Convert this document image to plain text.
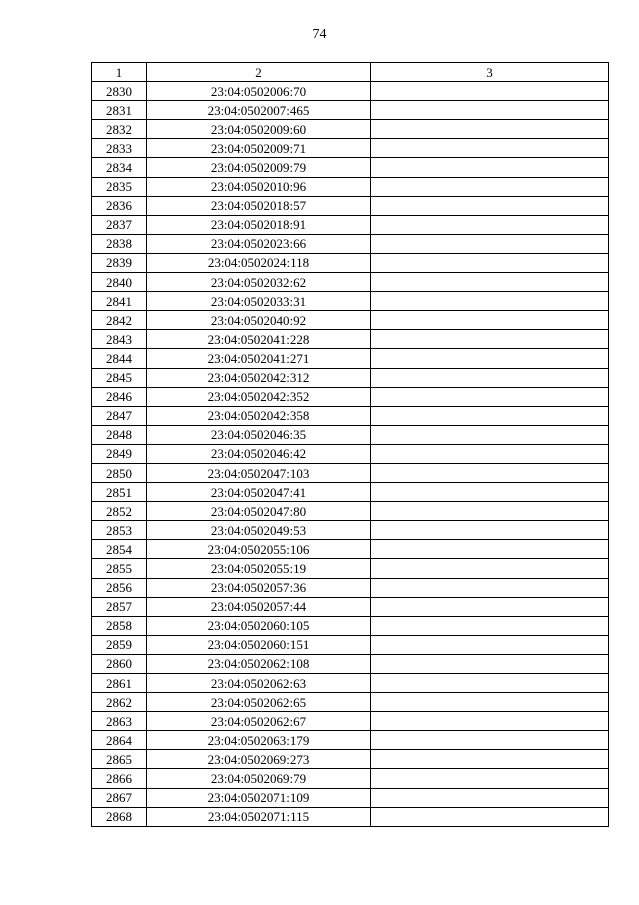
74
1	2	3
2830	23:04:0502006:70	
2831	23:04:0502007:465	
2832	23:04:0502009:60	
2833	23:04:0502009:71	
2834	23:04:0502009:79	
2835	23:04:0502010:96	
2836	23:04:0502018:57	
2837	23:04:0502018:91	
2838	23:04:0502023:66	
2839	23:04:0502024:118	
2840	23:04:0502032:62	
2841	23:04:0502033:31	
2842	23:04:0502040:92	
2843	23:04:0502041:228	
2844	23:04:0502041:271	
2845	23:04:0502042:312	
2846	23:04:0502042:352	
2847	23:04:0502042:358	
2848	23:04:0502046:35	
2849	23:04:0502046:42	
2850	23:04:0502047:103	
2851	23:04:0502047:41	
2852	23:04:0502047:80	
2853	23:04:0502049:53	
2854	23:04:0502055:106	
2855	23:04:0502055:19	
2856	23:04:0502057:36	
2857	23:04:0502057:44	
2858	23:04:0502060:105	
2859	23:04:0502060:151	
2860	23:04:0502062:108	
2861	23:04:0502062:63	
2862	23:04:0502062:65	
2863	23:04:0502062:67	
2864	23:04:0502063:179	
2865	23:04:0502069:273	
2866	23:04:0502069:79	
2867	23:04:0502071:109	
2868	23:04:0502071:115	
